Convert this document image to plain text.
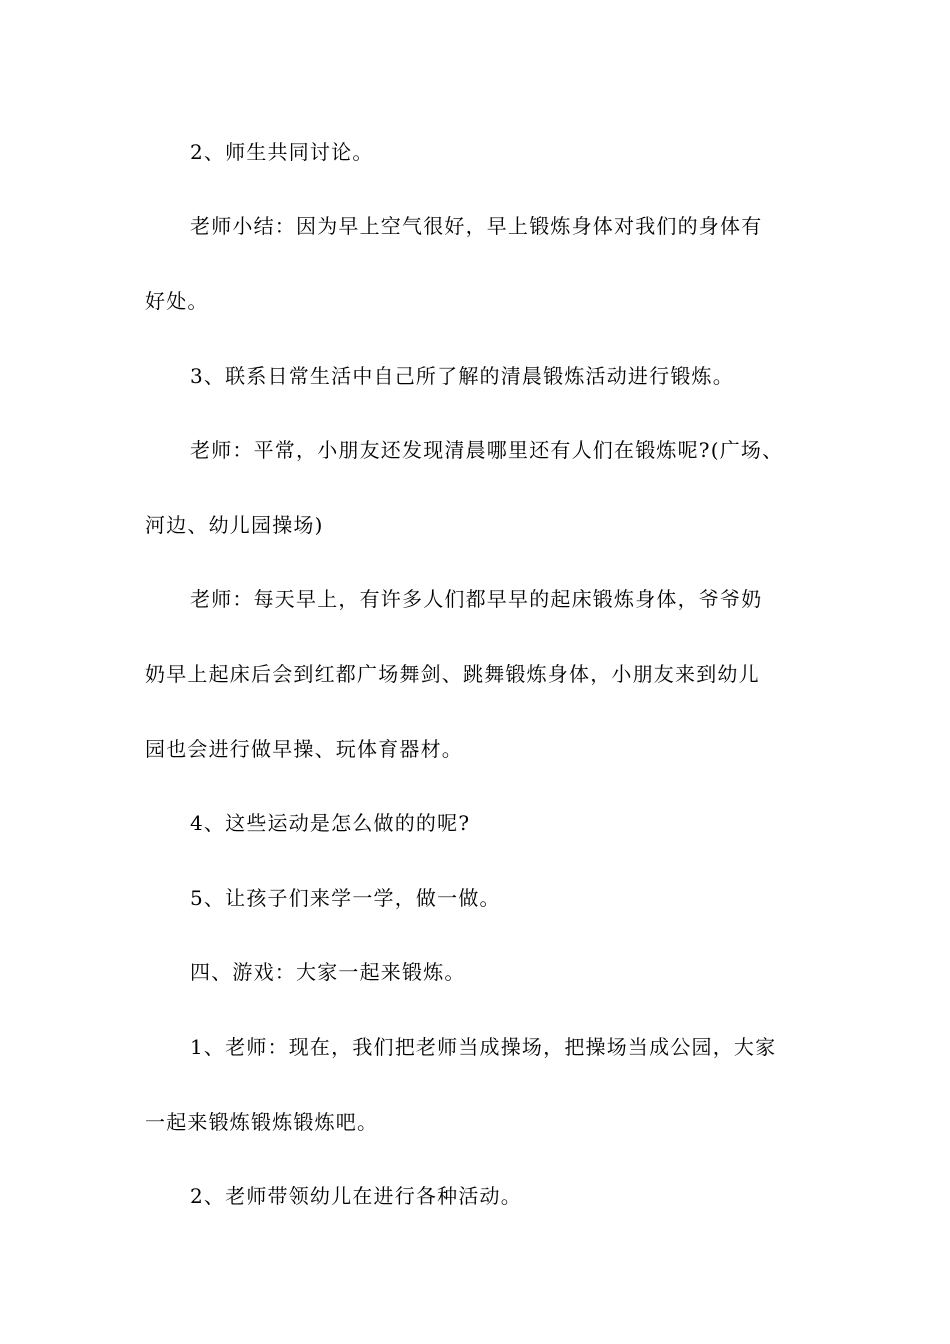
2、师生共同讨论。
老师小结：因为早上空气很好，早上锻炼身体对我们的身体有
好处。
3、联系日常生活中自己所了解的清晨锻炼活动进行锻炼。
老师：平常，小朋友还发现清晨哪里还有人们在锻炼呢?(广场、
河边、幼儿园操场)
老师：每天早上，有许多人们都早早的起床锻炼身体，爷爷奶
奶早上起床后会到红都广场舞剑、跳舞锻炼身体，小朋友来到幼儿
园也会进行做早操、玩体育器材。
4、这些运动是怎么做的的呢?
5、让孩子们来学一学，做一做。
四、游戏：大家一起来锻炼。
1、老师：现在，我们把老师当成操场，把操场当成公园，大家
一起来锻炼锻炼锻炼吧。
2、老师带领幼儿在进行各种活动。
